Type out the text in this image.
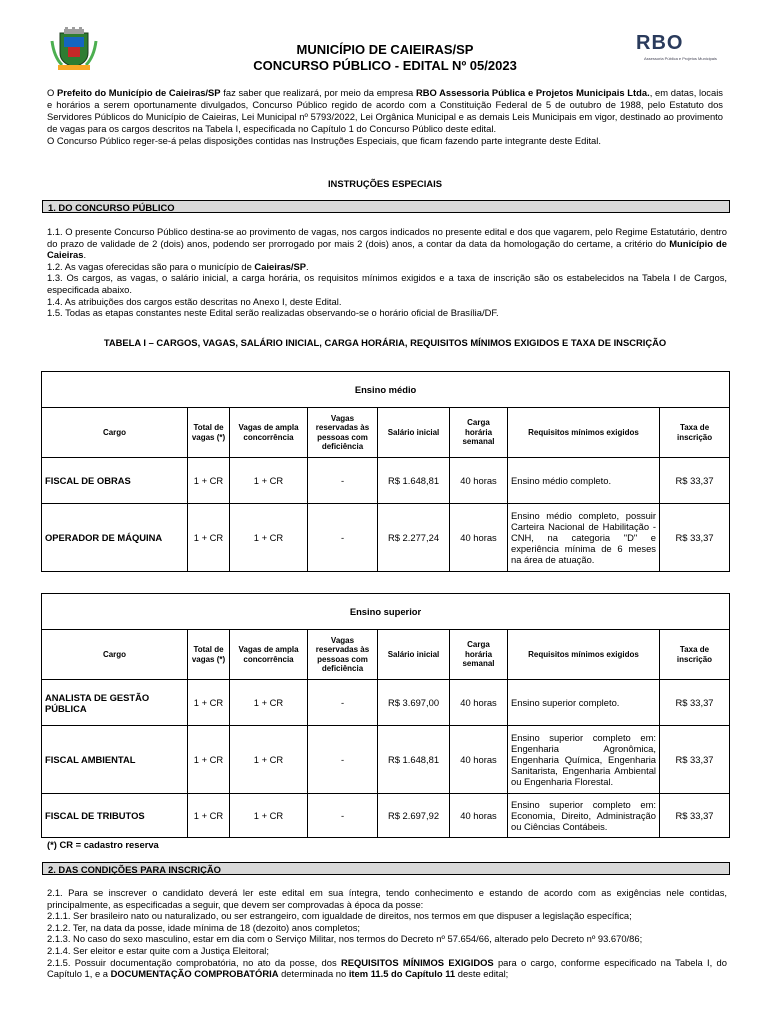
RBO
Assessoria Pública e Projetos Municipais
MUNICÍPIO DE CAIEIRAS/SP
CONCURSO PÚBLICO - EDITAL Nº 05/2023

O Prefeito do Município de Caieiras/SP faz saber que realizará, por meio da empresa RBO Assessoria Pública e Projetos Municipais Ltda., em datas, locais e horários a serem oportunamente divulgados, Concurso Público regido de acordo com a Constituição Federal de 5 de outubro de 1988, pelo Estatuto dos Servidores Públicos do Município de Caieiras, Lei Municipal nº 5793/2022, Lei Orgânica Municipal e as demais Leis Municipais em vigor, destinado ao provimento de vagas para os cargos descritos na Tabela I, especificada no Capítulo 1 do Concurso Público deste edital.

O Concurso Público reger-se-á pelas disposições contidas nas Instruções Especiais, que ficam fazendo parte integrante deste Edital.

INSTRUÇÕES ESPECIAIS
1. DO CONCURSO PÚBLICO

1.1. O presente Concurso Público destina-se ao provimento de vagas, nos cargos indicados no presente edital e dos que vagarem, pelo Regime Estatutário, dentro do prazo de validade de 2 (dois) anos, podendo ser prorrogado por mais 2 (dois) anos, a contar da data da homologação do certame, a critério do Município de Caieiras.

1.2. As vagas oferecidas são para o município de Caieiras/SP.

1.3. Os cargos, as vagas, o salário inicial, a carga horária, os requisitos mínimos exigidos e a taxa de inscrição são os estabelecidos na Tabela I de Cargos, especificada abaixo.

1.4. As atribuições dos cargos estão descritas no Anexo I, deste Edital.

1.5. Todas as etapas constantes neste Edital serão realizadas observando-se o horário oficial de Brasília/DF.

TABELA I – CARGOS, VAGAS, SALÁRIO INICIAL, CARGA HORÁRIA, REQUISITOS MÍNIMOS EXIGIDOS E TAXA DE INSCRIÇÃO
Ensino médio							
Cargo	Total de vagas (*)	Vagas de ampla concorrência	Vagas reservadas às pessoas com deficiência	Salário inicial	Carga horária semanal	Requisitos mínimos exigidos	Taxa de inscrição
FISCAL DE OBRAS	1 + CR	1 + CR	-	R$ 1.648,81	40 horas	Ensino médio completo.	R$ 33,37
OPERADOR DE MÁQUINA	1 + CR	1 + CR	-	R$ 2.277,24	40 horas	Ensino médio completo, possuir Carteira Nacional de Habilitação - CNH, na categoria "D" e experiência mínima de 6 meses na área de atuação.	R$ 33,37
Ensino superior							
Cargo	Total de vagas (*)	Vagas de ampla concorrência	Vagas reservadas às pessoas com deficiência	Salário inicial	Carga horária semanal	Requisitos mínimos exigidos	Taxa de inscrição
ANALISTA DE GESTÃO PÚBLICA	1 + CR	1 + CR	-	R$ 3.697,00	40 horas	Ensino superior completo.	R$ 33,37
FISCAL AMBIENTAL	1 + CR	1 + CR	-	R$ 1.648,81	40 horas	Ensino superior completo em: Engenharia Agronômica, Engenharia Química, Engenharia Sanitarista, Engenharia Ambiental ou Engenharia Florestal.	R$ 33,37
FISCAL DE TRIBUTOS	1 + CR	1 + CR	-	R$ 2.697,92	40 horas	Ensino superior completo em: Economia, Direito, Administração ou Ciências Contábeis.	R$ 33,37
(*) CR = cadastro reserva
2. DAS CONDIÇÕES PARA INSCRIÇÃO

2.1. Para se inscrever o candidato deverá ler este edital em sua íntegra, tendo conhecimento e estando de acordo com as exigências nele contidas, principalmente, as especificadas a seguir, que devem ser comprovadas à época da posse:

2.1.1. Ser brasileiro nato ou naturalizado, ou ser estrangeiro, com igualdade de direitos, nos termos em que dispuser a legislação específica;

2.1.2. Ter, na data da posse, idade mínima de 18 (dezoito) anos completos;

2.1.3. No caso do sexo masculino, estar em dia com o Serviço Militar, nos termos do Decreto nº 57.654/66, alterado pelo Decreto nº 93.670/86;

2.1.4. Ser eleitor e estar quite com a Justiça Eleitoral;

2.1.5. Possuir documentação comprobatória, no ato da posse, dos REQUISITOS MÍNIMOS EXIGIDOS para o cargo, conforme especificado na Tabela I, do Capítulo 1, e a DOCUMENTAÇÃO COMPROBATÓRIA determinada no item 11.5 do Capítulo 11 deste edital;
